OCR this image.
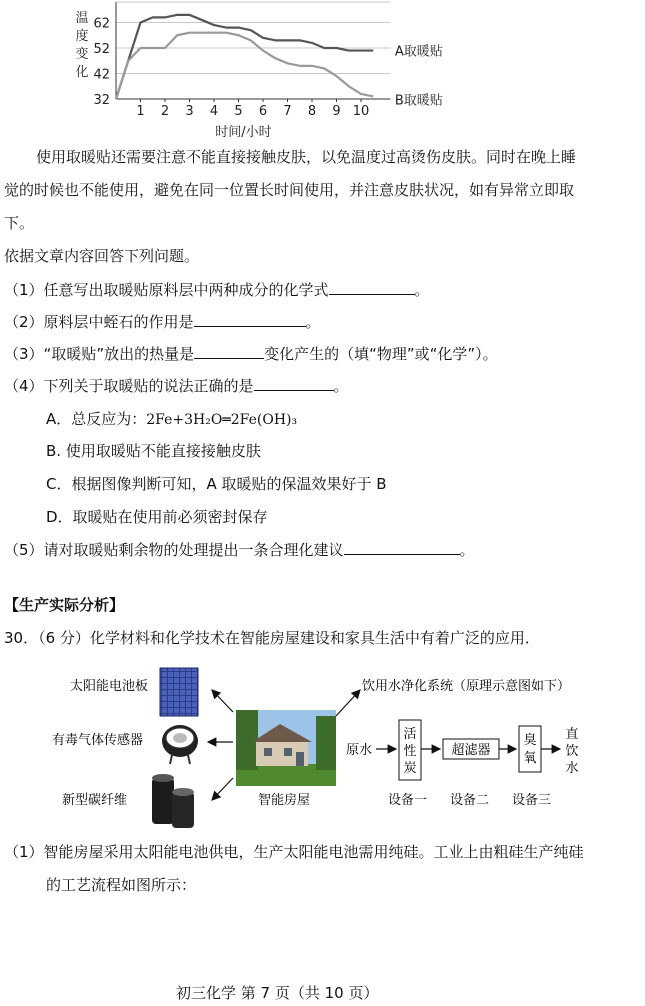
32
42
52
62
1 2 3 4 5 6 7 8 9 10
温
度
变
化
时间/小时
A取暖贴
B取暖贴
使用取暖贴还需要注意不能直接接触皮肤，以免温度过高烫伤皮肤。同时在晚上睡
觉的时候也不能使用，避免在同一位置长时间使用，并注意皮肤状况，如有异常立即取
下。
依据文章内容回答下列问题。
（1）任意写出取暖贴原料层中两种成分的化学式	。
（2）原料层中蛭石的作用是	。
（3）“取暖贴”放出的热量是	变化产生的（填“物理”或“化学”）。
（4）下列关于取暖贴的说法正确的是	。
A．总反应为：2Fe+3H₂O═2Fe(OH)₃
B. 使用取暖贴不能直接接触皮肤
C．根据图像判断可知，A 取暖贴的保温效果好于 B
D．取暖贴在使用前必须密封保存
（5）请对取暖贴剩余物的处理提出一条合理化建议	。
【生产实际分析】
30．（6 分）化学材料和化学技术在智能房屋建设和家具生活中有着广泛的应用．
太阳能电池板
有毒气体传感器
新型碳纤维	智能房屋
饮用水净化系统（原理示意图如下）
原水
活
性
炭
超滤器
臭
氧
直
饮
水
设备一 设备二 设备三
（1）智能房屋采用太阳能电池供电，生产太阳能电池需用纯硅。工业上由粗硅生产纯硅
的工艺流程如图所示：
初三化学 第 7 页（共 10 页）
